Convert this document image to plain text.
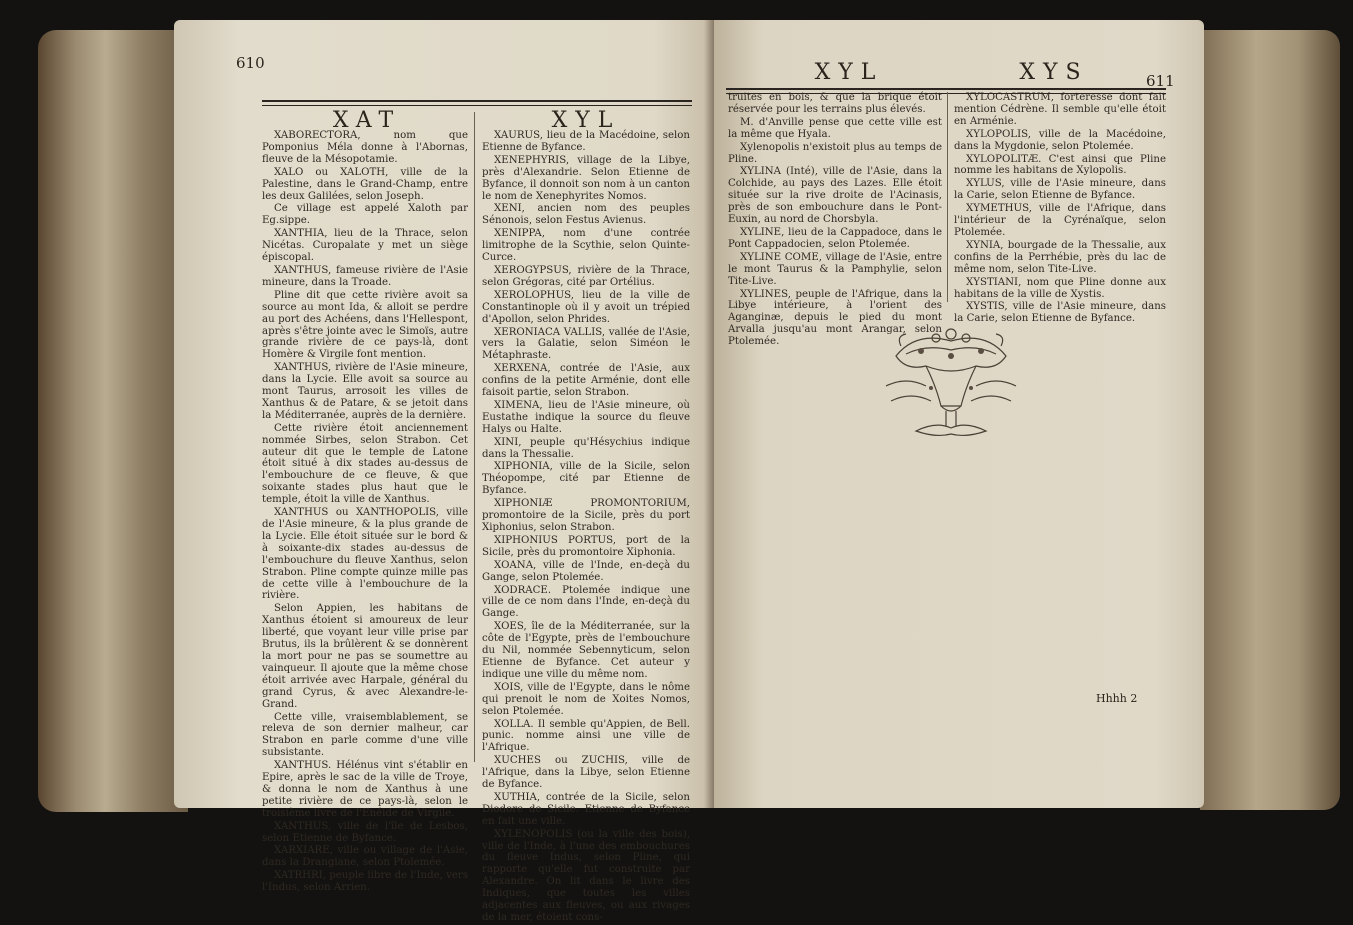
610
XAT	XYL

XABORECTORA, nom que Pomponius Méla donne à l'Abornas, fleuve de la Mésopotamie.

XALO ou XALOTH, ville de la Palestine, dans le Grand-Champ, entre les deux Galilées, selon Joseph.

Ce village est appelé Xaloth par Eg.sippe.

XANTHIA, lieu de la Thrace, selon Nicétas. Curopalate y met un siège épiscopal.

XANTHUS, fameuse rivière de l'Asie mineure, dans la Troade.

Pline dit que cette rivière avoit sa source au mont Ida, & alloit se perdre au port des Achéens, dans l'Hellespont, après s'être jointe avec le Simoïs, autre grande rivière de ce pays-là, dont Homère & Virgile font mention.

XANTHUS, rivière de l'Asie mineure, dans la Lycie. Elle avoit sa source au mont Taurus, arrosoit les villes de Xanthus & de Patare, & se jetoit dans la Méditerranée, auprès de la dernière.

Cette rivière étoit anciennement nommée Sirbes, selon Strabon. Cet auteur dit que le temple de Latone étoit situé à dix stades au-dessus de l'embouchure de ce fleuve, & que soixante stades plus haut que le temple, étoit la ville de Xanthus.

XANTHUS ou XANTHOPOLIS, ville de l'Asie mineure, & la plus grande de la Lycie. Elle étoit située sur le bord & à soixante-dix stades au-dessus de l'embouchure du fleuve Xanthus, selon Strabon. Pline compte quinze mille pas de cette ville à l'embouchure de la rivière.

Selon Appien, les habitans de Xanthus étoient si amoureux de leur liberté, que voyant leur ville prise par Brutus, ils la brûlèrent & se donnèrent la mort pour ne pas se soumettre au vainqueur. Il ajoute que la même chose étoit arrivée avec Harpale, général du grand Cyrus, & avec Alexandre-le-Grand.

Cette ville, vraisemblablement, se releva de son dernier malheur, car Strabon en parle comme d'une ville subsistante.

XANTHUS. Hélénus vint s'établir en Epire, après le sac de la ville de Troye, & donna le nom de Xanthus à une petite rivière de ce pays-là, selon le troisième livre de l'Enéide de Virgile.

XANTHUS, ville de l'île de Lesbos, selon Etienne de Byfance.

XARXIARE, ville ou village de l'Asie, dans la Drangiane, selon Ptolemée.

XATRHRI, peuple libre de l'Inde, vers l'Indus, selon Arrien.

XAURUS, lieu de la Macédoine, selon Etienne de Byfance.

XENEPHYRIS, village de la Libye, près d'Alexandrie. Selon Etienne de Byfance, il donnoit son nom à un canton le nom de Xenephyrites Nomos.

XENI, ancien nom des peuples Sénonois, selon Festus Avienus.

XENIPPA, nom d'une contrée limitrophe de la Scythie, selon Quinte-Curce.

XEROGYPSUS, rivière de la Thrace, selon Grégoras, cité par Ortélius.

XEROLOPHUS, lieu de la ville de Constantinople où il y avoit un trépied d'Apollon, selon Phrides.

XERONIACA VALLIS, vallée de l'Asie, vers la Galatie, selon Siméon le Métaphraste.

XERXENA, contrée de l'Asie, aux confins de la petite Arménie, dont elle faisoit partie, selon Strabon.

XIMENA, lieu de l'Asie mineure, où Eustathe indique la source du fleuve Halys ou Halte.

XINI, peuple qu'Hésychius indique dans la Thessalie.

XIPHONIA, ville de la Sicile, selon Théopompe, cité par Etienne de Byfance.

XIPHONIÆ PROMONTORIUM, promontoire de la Sicile, près du port Xiphonius, selon Strabon.

XIPHONIUS PORTUS, port de la Sicile, près du promontoire Xiphonia.

XOANA, ville de l'Inde, en-deçà du Gange, selon Ptolemée.

XODRACE. Ptolemée indique une ville de ce nom dans l'Inde, en-deçà du Gange.

XOES, île de la Méditerranée, sur la côte de l'Egypte, près de l'embouchure du Nil, nommée Sebennyticum, selon Etienne de Byfance. Cet auteur y indique une ville du même nom.

XOIS, ville de l'Egypte, dans le nôme qui prenoit le nom de Xoites Nomos, selon Ptolemée.

XOLLA. Il semble qu'Appien, de Bell. punic. nomme ainsi une ville de l'Afrique.

XUCHES ou ZUCHIS, ville de l'Afrique, dans la Libye, selon Etienne de Byfance.

XUTHIA, contrée de la Sicile, selon Diodore de Sicile. Etienne de Byfance en fait une ville.

XYLENOPOLIS (ou la ville des bois), ville de l'Inde, à l'une des embouchures du fleuve Indus, selon Pline, qui rapporte qu'elle fut construite par Alexandre. On lit dans le livre des Indiques, que toutes les villes adjacentes aux fleuves, ou aux rivages de la mer, étoient cons-

XYL	XYS	611

truites en bois, & que la brique étoit réservée pour les terrains plus élevés.

M. d'Anville pense que cette ville est la même que Hyala.

Xylenopolis n'existoit plus au temps de Pline.

XYLINA (Inté), ville de l'Asie, dans la Colchide, au pays des Lazes. Elle étoit située sur la rive droite de l'Acinasis, près de son embouchure dans le Pont-Euxin, au nord de Chorsbyla.

XYLINE, lieu de la Cappadoce, dans le Pont Cappadocien, selon Ptolemée.

XYLINE COME, village de l'Asie, entre le mont Taurus & la Pamphylie, selon Tite-Live.

XYLINES, peuple de l'Afrique, dans la Libye intérieure, à l'orient des Aganginæ, depuis le pied du mont Arvalla jusqu'au mont Arangar, selon Ptolemée.

XYLOCASTRUM, forteresse dont fait mention Cédrène. Il semble qu'elle étoit en Arménie.

XYLOPOLIS, ville de la Macédoine, dans la Mygdonie, selon Ptolemée.

XYLOPOLITÆ. C'est ainsi que Pline nomme les habitans de Xylopolis.

XYLUS, ville de l'Asie mineure, dans la Carie, selon Etienne de Byfance.

XYMETHUS, ville de l'Afrique, dans l'intérieur de la Cyrénaïque, selon Ptolemée.

XYNIA, bourgade de la Thessalie, aux confins de la Perrhébie, près du lac de même nom, selon Tite-Live.

XYSTIANI, nom que Pline donne aux habitans de la ville de Xystis.

XYSTIS, ville de l'Asie mineure, dans la Carie, selon Etienne de Byfance.

Hhhh 2
